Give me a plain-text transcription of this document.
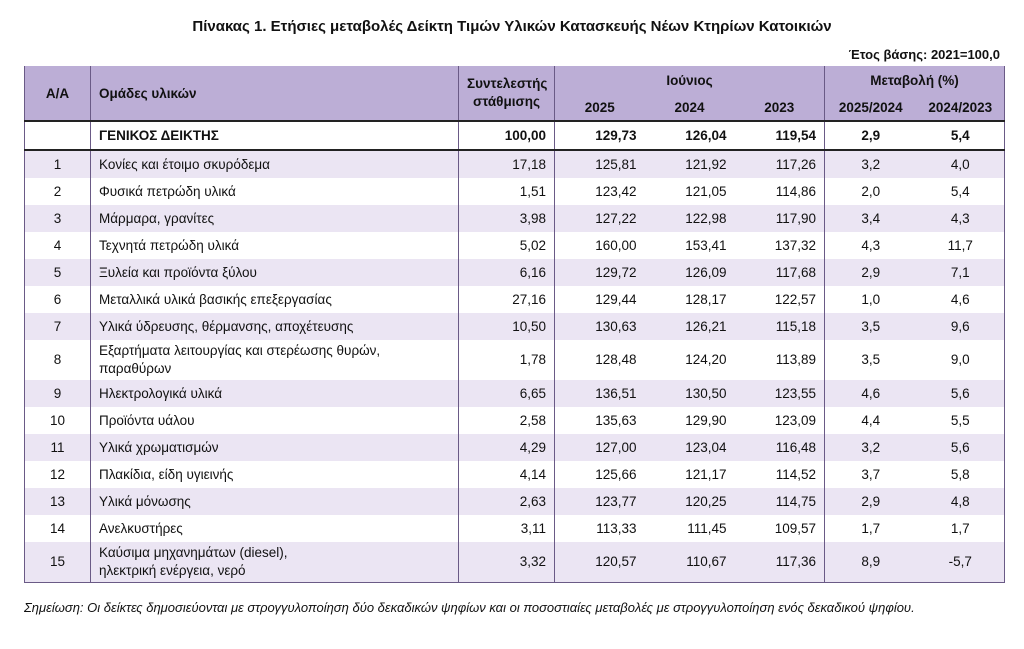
Πίνακας 1. Ετήσιες μεταβολές Δείκτη Τιμών Υλικών Κατασκευής Νέων Κτηρίων Κατοικιών
Έτος βάσης: 2021=100,0
Α/Α	Ομάδες υλικών	Συντελεστής στάθμισης	Ιούνιος			Μεταβολή (%)	
			2025	2024	2023	2025/2024	2024/2023
	ΓΕΝΙΚΟΣ ΔΕΙΚΤΗΣ	100,00	129,73	126,04	119,54	2,9	5,4
1	Κονίες και έτοιμο σκυρόδεμα	17,18	125,81	121,92	117,26	3,2	4,0
2	Φυσικά πετρώδη υλικά	1,51	123,42	121,05	114,86	2,0	5,4
3	Μάρμαρα, γρανίτες	3,98	127,22	122,98	117,90	3,4	4,3
4	Τεχνητά πετρώδη υλικά	5,02	160,00	153,41	137,32	4,3	11,7
5	Ξυλεία και προϊόντα ξύλου	6,16	129,72	126,09	117,68	2,9	7,1
6	Μεταλλικά υλικά βασικής επεξεργασίας	27,16	129,44	128,17	122,57	1,0	4,6
7	Υλικά ύδρευσης, θέρμανσης, αποχέτευσης	10,50	130,63	126,21	115,18	3,5	9,6
8	Εξαρτήματα λειτουργίας και στερέωσης θυρών,
παραθύρων	1,78	128,48	124,20	113,89	3,5	9,0
9	Ηλεκτρολογικά υλικά	6,65	136,51	130,50	123,55	4,6	5,6
10	Προϊόντα υάλου	2,58	135,63	129,90	123,09	4,4	5,5
11	Υλικά χρωματισμών	4,29	127,00	123,04	116,48	3,2	5,6
12	Πλακίδια, είδη υγιεινής	4,14	125,66	121,17	114,52	3,7	5,8
13	Υλικά μόνωσης	2,63	123,77	120,25	114,75	2,9	4,8
14	Ανελκυστήρες	3,11	113,33	111,45	109,57	1,7	1,7
15	Καύσιμα μηχανημάτων (diesel),
ηλεκτρική ενέργεια, νερό	3,32	120,57	110,67	117,36	8,9	-5,7
Σημείωση: Οι δείκτες δημοσιεύονται με στρογγυλοποίηση δύο δεκαδικών ψηφίων και οι ποσοστιαίες μεταβολές με στρογγυλοποίηση ενός δεκαδικού ψηφίου.
